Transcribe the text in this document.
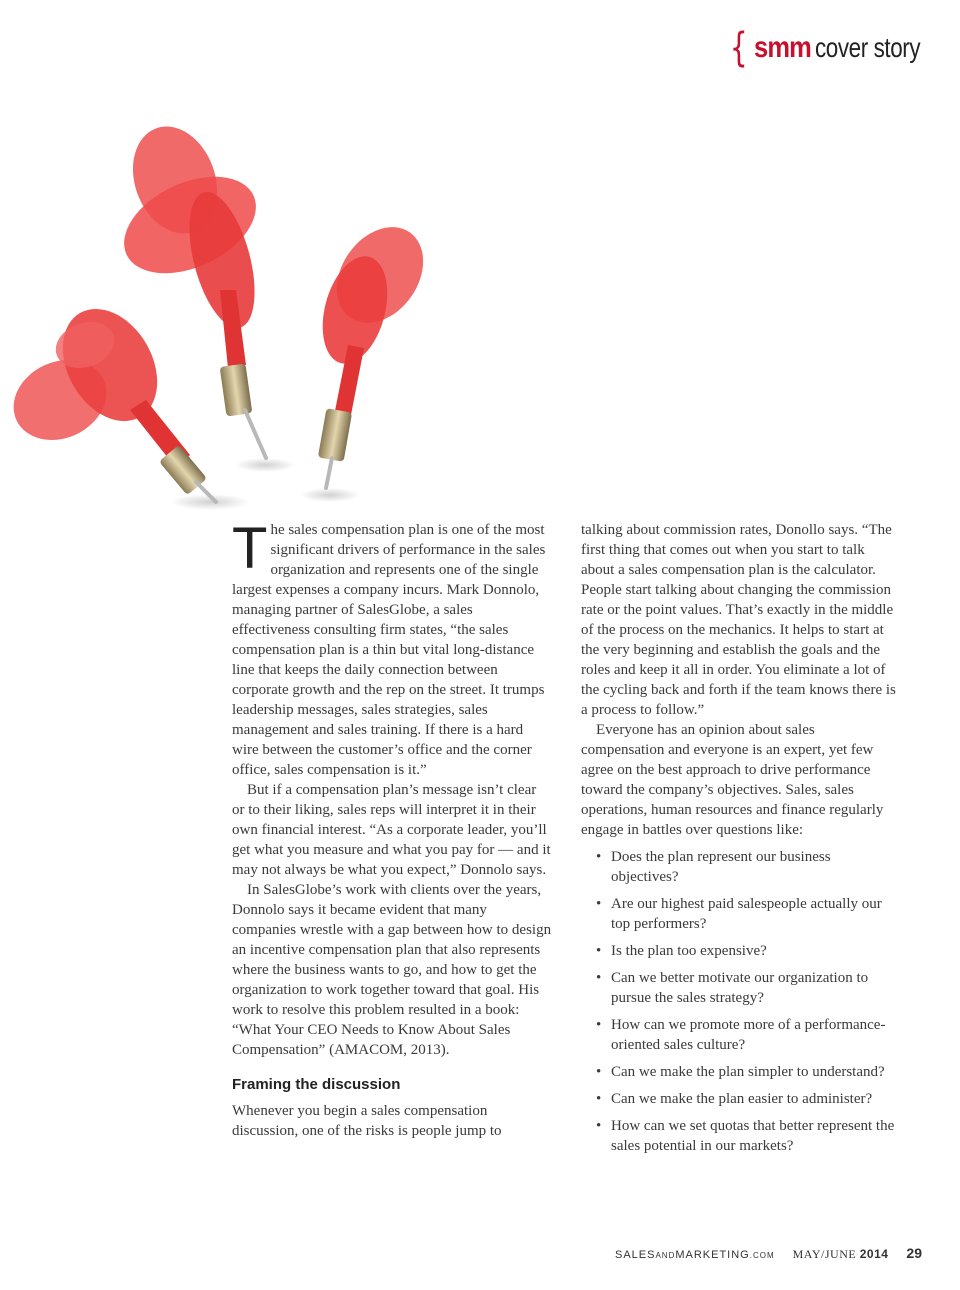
{ smm cover story

The sales compensation plan is one of the most significant drivers of performance in the sales organization and represents one of the single largest expenses a company incurs. Mark Donnolo, managing partner of SalesGlobe, a sales effectiveness consulting firm states, “the sales compensation plan is a thin but vital long-distance line that keeps the daily connection between corporate growth and the rep on the street. It trumps leadership messages, sales strategies, sales management and sales training. If there is a hard wire between the customer’s office and the corner office, sales compensation is it.”

But if a compensation plan’s message isn’t clear or to their liking, sales reps will interpret it in their own financial interest. “As a corporate leader, you’ll get what you measure and what you pay for — and it may not always be what you expect,” Donnolo says.

In SalesGlobe’s work with clients over the years, Donnolo says it became evident that many companies wrestle with a gap between how to design an incentive compensation plan that also represents where the business wants to go, and how to get the organization to work together toward that goal. His work to resolve this problem resulted in a book: “What Your CEO Needs to Know About Sales Compensation” (AMACOM, 2013).

Framing the discussion

Whenever you begin a sales compensation discussion, one of the risks is people jump to

talking about commission rates, Donollo says. “The first thing that comes out when you start to talk about a sales compensation plan is the calculator. People start talking about changing the commission rate or the point values. That’s exactly in the middle of the process on the mechanics. It helps to start at the very beginning and establish the goals and the roles and keep it all in order. You eliminate a lot of the cycling back and forth if the team knows there is a process to follow.”

Everyone has an opinion about sales compensation and everyone is an expert, yet few agree on the best approach to drive performance toward the company’s objectives. Sales, sales operations, human resources and finance regularly engage in battles over questions like:

• Does the plan represent our business objectives?
• Are our highest paid salespeople actually our top performers?
• Is the plan too expensive?
• Can we better motivate our organization to pursue the sales strategy?
• How can we promote more of a performance-oriented sales culture?
• Can we make the plan simpler to understand?
• Can we make the plan easier to administer?
• How can we set quotas that better represent the sales potential in our markets?
SALESANDMARKETING.COM MAY/JUNE 2014 29
